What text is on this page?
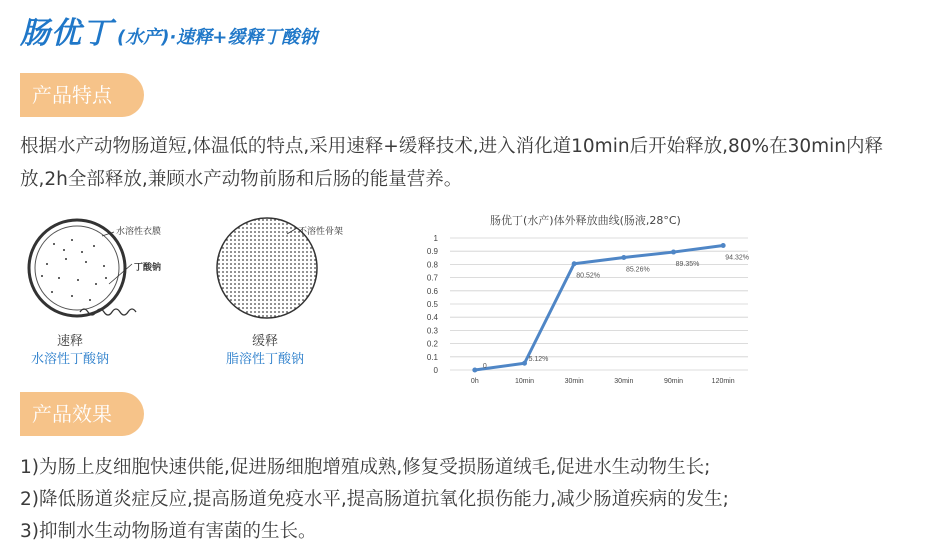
肠优丁 (水产)·速释+缓释丁酸钠
产品特点
根据水产动物肠道短,体温低的特点,采用速释+缓释技术,进入消化道10min后开始释放,80%在30min内释放,2h全部释放,兼顾水产动物前肠和后肠的能量营养。
水溶性衣膜
丁酸钠
速释
水溶性丁酸钠
不溶性骨架
缓释
脂溶性丁酸钠
肠优丁(水产)体外释放曲线(肠液,28°C)
0
0.1
0.2
0.3
0.4
0.5
0.6
0.7
0.8
0.9
1
0h	10min	30min	30min	90min	120min
0
5.12%
80.52%
85.26%
89.35%
94.32%
产品效果
1)为肠上皮细胞快速供能,促进肠细胞增殖成熟,修复受损肠道绒毛,促进水生动物生长;
2)降低肠道炎症反应,提高肠道免疫水平,提高肠道抗氧化损伤能力,减少肠道疾病的发生;
3)抑制水生动物肠道有害菌的生长。
